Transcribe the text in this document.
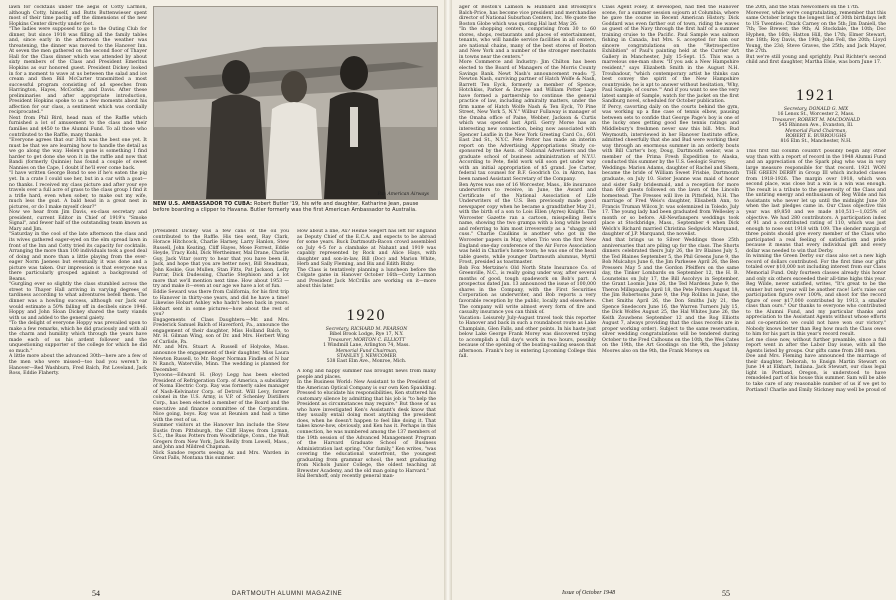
lawn for cocktails under the aegis of Cotty Larmon, although Cotty, himself, and Butts Buttenwieser spent most of their time pacing off the dimensions of the new Hopkins Center directly under foot.
"The ladies were supposed to go to the Outing Club for dinner, but since 1918 was filling all the family tables and, since early in the afternoon the weather was threatening, the dinner was moved to the Hanover Inn. At seven the men gathered on the second floor of Thayer Hall for the Class dinner which was attended by about sixty members of the Class and President Emeritus Hopkins as our honored guest. President Dickey looked in for a moment to wave at us between the salad and ice cream and then Bill McCarter transmitted a most successful program consisting of ad speeches from Harrington, Hayes, McCorkle, and Davis. After these preliminaries and after appropriate introduction, President Hopkins spoke to us a few moments about his affection for our class, a sentiment which was cordially reciprocated."
Next from Phil Bird, head man of the Raffle which furnished a lot of amusement to the class and their families and $450 to the Alumni Fund. To all those who contributed to the Raffle, many thanks.
"Everyone agrees that our 30th was the best one yet. It must be that we are learning how to handle the detail as we go along the way. Helen's gone is something I find harder to get done she won it in the raffle and now that Bandi (formerly Quinnie) has found a couple of sweet Nannies on the Cape, I doubt if he'll ever come back.
"I have written George Bond to see if he's eaten the pig yet. In a crate I could use her, but in a car with a goat—no thanks. I received my class picture and after your eye travels over a full acre of grass to the class group I find it a trifle hard, even when sober, to make out my wife, much less the goat. A bald head in a great nest in pictures, or do I make myself clear?"
Now we hear from Jim Davis, ex-class secretary and president, current Editor in Chief of 1919's "Smoke Signal", and fewer half of the outstanding team known as Mary and Jim.
"Saturday in the cool of the late afternoon the class and its wives gathered eager-eyed on the elm spread lawn in front of the Inn and Cotty tried its capacity for cocktails. Arranging the more than 100 individuals took a good deal of doing and more than a little playing from the ever-eager Norm Jaeness but eventually it was done and a picture was taken. Our impression is that everyone was there particularly grouped against a background of Beams.
"Gurgling ever so slightly the class stumbled across the street to Thayer Hall arriving in varying degrees of tardiness according to what adventures befell them. The dinner was a howling success, although our Jack ear would estimate a 50% falling off in decibels since 1946. Hoppy and John Sloan Dickey shared the tasty viands with us and added to the general gaiety.
"To the delight of everyone Hoppy was prevailed upon to make a few remarks, which he did graciously and with all the charm and humility which through the years have made each of us his ardent follower and the unquestioning supporter of the college for which he did so much."
A little more about the advanced 30th—here are a few of the men who were missed—too bad you weren't in Hanover—Red Washburn, Fred Balch, Pat Loveland, Jack Ross, Eddie Flaherty.
Pan American Airways
NEW U.S. AMBASSADOR TO CUBA: Robert Butler '19, his wife and daughter, Katharine Jean, pause before boarding a clipper to Havana. Butler formerly was the first American Ambassador to Australia.
[President Dickey was a few cans of the oil you contributed to the Raffle. His ties sent, Ray Clark, Horace Hitchcock, Charlie Harney, Larry Hanlon, Stew Russell, John Keating, Cliff Hayes, Mose Forrest, Eddie Heyde, Tracy Kohl, Dick Wertheimer, Mal Drane, Charlie Guy, Jack Vitar (sorry to hear that you have been ill, Jack, and hope that you are better now), Bill Steadman, John Koskie, Gus Mullen, Stan Fitts, Pat Jackson, Lefty Farrar, Dick Dudessing, Charlie Stephison and a lot more that we'll mention next time. How about 1953 —try and make it—even at our age we have a lot of fun.
Eddie Seward was there from California, for his first trip to Hanover in thirty-one years, and did he have a time! Likewise Hobart Ashley who hadn't been back in years. Hobart sent in some pictures—how about the rest of you?
Engagements of Class Daughters:—Mr. and Mrs. Frederick Samuel Balch of Haverford, Pa., announce the engagement of their daughter, Miss Holland Balch, to Mr. H. Gilman Wing, son of Dr. and Mrs. Herbert Wing of Carlisle, Pa.
Mr. and Mrs. Stuart A. Russell of Holyoke, Mass. announce the engagement of their daughter, Miss Laura Newton Russell, to Mr. Roger Norman Findlen of N bar N Ranch, Waterville, Minn. The wedding is planned for December.
Tycoons—Edward H. (Roy) Legg has been elected President of Refrigeration Corp. of America, a subsidiary of Noma Electric Corp. Ray was formerly sales manager of Nash-Kelvinator Corp. of Detroit. Will Levy, former colonel in the U.S. Army, is V.P. of Schenley Distillers Corp., has been elected a member of the Board and the executive and finance committee of the Corporation. Nice going, boys. Ray was at Reunion and had a time with the rest of us.
Summer visitors at the Hanover Inn include the Stew Eustis from Pittsburgh, the Cliff Hayes from Lyman, S.C., the Russ Potters from Woodbridge, Conn., the Walt Gregers from New York, Jack Reilly from Lowell, Mass., and John and Mildred Chapman.
Nick Sandoe reports seeing Ax and Mrs. Warden in Great Falls, Montana this summer.
How about a line, Ax? Heinie Siegert has left for England as Deputy Chief of the E.C.A. and expects to be abroad for some years. Buck Dartmouth-Bacon crowd assembled on July 4-5 for a clambake at Nahant and 1919 was capably represented by Rock and Alice Hays, with daughter and son-in-law, Bill (Doc) and Marion White, Herb and Sally Fleming, and Bix and Edith Bixby.
The Class is tentatively planning a luncheon before the Colgate game in Hanover October 16th—Cotty Larmon and President Jack McCrillis are working on it—more about this later.
1920
Secretary, RICHARD M. PEARSON
Bibel Brook Lodge, Rye 17, N.Y.
Treasurer, MORTON C. ELLIOTT
1 Windmill Lane, Arlington 74, Mass.
Memorial Fund Chairman,
STANLEY J. NEWCOMER
538 East Elm Ave., Monroe, Mich.
A long and happy summer has brought news from many people and places.
In the Business World: New Assistant to the President of the American Optical Company is our own Ken Spaulding. Pressed to elucidate his responsibilities, Ken stuttered his customary silence by admitting that his job is "to help the President as circumstances may require." But those of us who have investigated Ken's Assistant's desk know that they usually entail doing most anything the president does, when he doesn't happen to feel like doing it. That takes know-how, obviously, and Ken has it. Perhaps in this connection, he was numbered among the 137 members of the 19th session of the Advanced Management Program of the Harvard Graduate School of Business Administration last spring. "Our family," Ken writes, "was covering the educational waterfront, the youngest graduating from grammar school, the next graduating from Nichols Junior College, the oldest teaching at Brewster Academy, and the old man going to Harvard."
Hal Bernhoff, only recently general man-
54	DARTMOUTH ALUMNI MAGAZINE
ager of Boston's Lamson & Hubbard and Brooklyn's Balch-Price, has become vice president and merchandise director of National Suburban Centers, Inc. We quote the Boston Globe which was quoting Hal last May 26:
"In the shopping centers, comprising from 30 to 60 stores, shops, restaurants and places of entertainment, tenants, who will handle service facilities in all centers, are national chains, many of the best stores of Boston and New York and a number of the stronger merchants in towns near the centers."
More Commerce and Industry: Jim Chilton has been elected to the Board of Managers of the Morris County Savings Bank. Newt Nash's announcement reads: "J. Newton Nash, surviving partner of Hatch Wolfe & Nash, Barrett Ten Eyck, formerly a member of Spence, Hotchkiss, Parker & Duryee and William Potter Lage have formed a partnership to continue the general practice of law, including admiralty matters, under the firm name of Hatch Wolfe Nash & Ten Eyck, 70 Pine Street, New York 5, N.Y." Wilbur Fullaway is manager of the Omaha office of Paine, Webber, Jackson & Curtis which was opened last April. Gerry Morse has an interesting new connection, being now associated with Spencer Leaflie in the New York Greeting Card Co., 601 East 2nd St., N.Y.C. Pete Potter has made an interim report on the Advertising Appropriations Study co-sponsored by the Assn. of National Advertisers and the graduate school of business administration of N.Y.U. According to Pete, field work will soon get under way with an initial appropriation of $5 grand. Joe Carter, federal tax counsel for B.F. Goodrich Co. in Akron, has been named Assistant Secretary of the Company.
Ben Ayres was one of 16 Worcester, Mass., life insurance underwriters to receive, in June, the Award and Certificate of the National Association of Life Underwriters of the U.S. Ben previously made good newspaper copy when he became a grandfather May 21, with the birth of a son to Lois Ellen (Ayres) Knight. The Worcester Gazette ran a cartoon, misspelling Ben's name, showing the two grampa with a long white beard and referring to him most irreverently as a "shaggy old cuss." Charlie Caulkins is another who got in the Worcester papers in May, when Trio won the first New England one-day conference of the Air Force Association was held in Charlie's home town; he was one of the head table guests, while younger Dartmouth alumnus, Myrtil Frost, presided as toastmaster.
Bob Fox Mertzine's Old North State Insurance Co. of Greenville, N.C., is really going under way, after several months of good, tough spadework on Bob's part. A prospectus dated Jan. 13 announced the issue of 100,000 shares in the Company, with the First Securities Corporation as underwriter, and Bob reports a very favorable reception by the public, locally and elsewhere. The company will write almost every form of fire and casualty insurance you can think of.
Vacation: Leisurely July-August travel took this reporter to Hanover and back in such a roundabout route as Lake Champlain, Glen Falls, and other points. In his haste just below Lake George Frank Morey was discovered trying to accomplish a full day's work in two hours, possibly because of the opening of the boating-sailing season that afternoon. Frank's boy is entering Lycoming College this fall.
Class Agent Foley, it developed, had fled the Hanover scene, for a summer session sojourn at Columbia, where he gave the course in Recent American History. Dick Goddard was even farther out of town, riding the waves as guest of the Navy through the first half of a summer training cruise to the Pacific. Paul Sample was salmon fishing in Canada, but Mrs. S. accepted for him our sincere congratulations on the "Retrospective Exhibition" of Paul's painting held at the Currier Art Gallery in Manchester, July 15-Sept. 15. This was a marvelous one-man show. "If you ask a New Hampshire resident," says Elizabeth Smith in the August N.H. Troubadour, "which contemporary artist he thinks can best convey the spirit of the New Hampshire countryside, he is apt to answer without hesitation, 'Why, Paul Sample, of course.'" And if you want to see the very latest sample of Sample, watch for the jacket on the first Sandburg novel, scheduled for October publication.
If Percy, cavorting daily on the courts behind the gym, was working up a fine case of tennis elbow, pausing between sets to confide that George Page's boy is one of the lucky ones getting good flee tennis ratings and Middlebury's freshmen never saw this bill. Mrs. Bud Weymouth, interviewed in her Hanover Institute office, admitted cheerfully that she and Bud were working their way through an enormous summer in an orderly bouts with Bill Carter's boy, Doug, Dartmouth senior, was a member of the Prima Fresh Expedition to Alaska, conducted this summer by the U.S. Geologic Survey.
Weddings: Marion Adams, daughter of Rachel and Shem, became the bride of William Sweet Frisbie, Dartmouth graduate, on July 10. Sister Jeanne was maid of honor and sister Sally bridesmaid, and a reception for more than 600 guests followed on the lawn of the Lincoln homestead. The Fresses will live in Pittsfield, N.H. The marriage of Fred Weis's daughter, Elisabeth Ann, to Francis Truman Wilcox Jr. was solemnized in Toledo, July 17. The young lady had been graduated from Wellesley a month or so before. All-Newfanspers weddings took place at Stockbridge, Mass., September 4 when Dick Welch's Richard married Christina Sedgwick Marquand, daughter of J.P. Marquand, the novelist.
And that brings us to Silver Weddings those 25th anniversaries that are piling up for the class. The Shorts dinners celebrated theirs July 26, the Irv Blaines July 5, the Ted Blaines September 5, the Phil Greens June 9, the Bob Mulcahys June 6, the Jim Parkesee April 26, the Ben Pressers May 5 and the Gordon Pfeiffers on the same day, the Tinker Lombards on September 12, the H. B. Lounsteins on July 17, the Bill Ascolvys in September, the Grant Loomis June 26, the Ted Mardens June 9, the Theron Millspaughs April 18, the Pete Potters August 18, the Jim Robertsons June 9, the Pop Rollins in June, the Chet Smiths April 26, the Don Smiths July 21, the Spence Snedecors June 16, the Warren Turners July 15, the Dick Wolfes August 25, the Hal Whites June 26, the Keith Zouwbens September 12 and the Rog Elliotts August 7, always providing that the class records are in proper working order). Subject to the same reservation, silver wedding congratulations will be tendered during October to the Fred Calhouns on the 10th, the Wes Cates on the 19th, the Art Goodings on the 9th, the Johnny Moores also on the 9th, the Frank Moreys on
the 20th, and the Stan Newcomers on the 17th.
Moreover, while we're congratulating, remember that this same October brings the longest list of 30th birthdays left to US Twenties: Chuck Carney on the 5th; Jim Daniell, the 7th; Tee Brewer, the 9th; Al Stockdale, the 10th; Doc Hyphen, the 16th; Hatton Hill, the 17th; Elmer Stewart, the 18th; Roy Davis, the 19th; John Fell, the 20th; Lloyd Young, the 23d; Steve Graves, the 25th; and Jack Mayer, the 27th.
But we're still young and sprightly. Paul Richter's second child and first daughter, Martha Elsie, was born June 17.
1921
Secretary, DONALD G. MIX
16 Lenox St., Worcester 2, Mass.
Treasurer, ROBERT M. MACDONALD
545 Rhinnon Ave., Evanston, Ill.
Memorial Fund Chairman,
ROBERT E. BURROUGHS
816 Elm St., Manchester, N.H.
This first fall column couldn't possibly begin any other way than with a report of record in the 1948 Alumni Fund and an appreciation of the Spark plug who was in very large measure responsible for that record. 1921 WON THE GREEN DERBY in Group III which included classes from 1918-1926. The margin over 1918, which won second place, was close but a win is a win was enough. The result is a tribute to the generosity of the Class and the untiring energy and enthusiasm of Reg Wilde and his Assistants who never let up until the midnight June 30 when the last pledges came in. Our Class objective this year was $9,850 and we made $10,511—1,025% of objective. We had 280 contributors. A participation index of 91 and a contributed rating of 110, which was just enough to nose out 1918 with 109. The slender margin of three points should give every member of the Class who participated a real feeling of satisfaction and pride because it means that every individual gift and every dollar was needed to win that Derby.
In winning the Green Derby our class also set a new high record of dollars contributed. For the first time our gifts totaled over $10,000 not including interest from our Class Memorial Fund. Only fourteen classes already this honor and only six others exceeded their all-time highs this year. Reg Wilde, never satisfied, writes, "It's great to be the winner but next year will be another race! Let's raise our participation figure over 100%, and shoot for the record figure of over $17,000 contributed by 1913, a smaller class than ours." Our thanks to everyone who contributed to the Alumni Fund, and my particular thanks and appreciation to the Assistant Agents without whose efforts and co-operation we could not have won our victory." Nobody knows better than Reg how much the Class owes to him for his part in this year's record result.
Let me close now, without further preamble, since a full report went in after the Labor Day issue, with all the Agents listed by groups. Our gifts came from 280 men.
Doe and Mrs. Fleming have announced the marriage of their daughter, Deborah, to Ensign Martin Stewart on June 14 at Elkhart, Indiana. Jack Stewart, our class legal light in Portland, Oregon, is understood to have remodeled part of his house this summer. Sam will be able to take care of any reasonable number of us if we get to Portland! Charlie and Emily Stickney may well be proud of
Issue of October 1948	55
